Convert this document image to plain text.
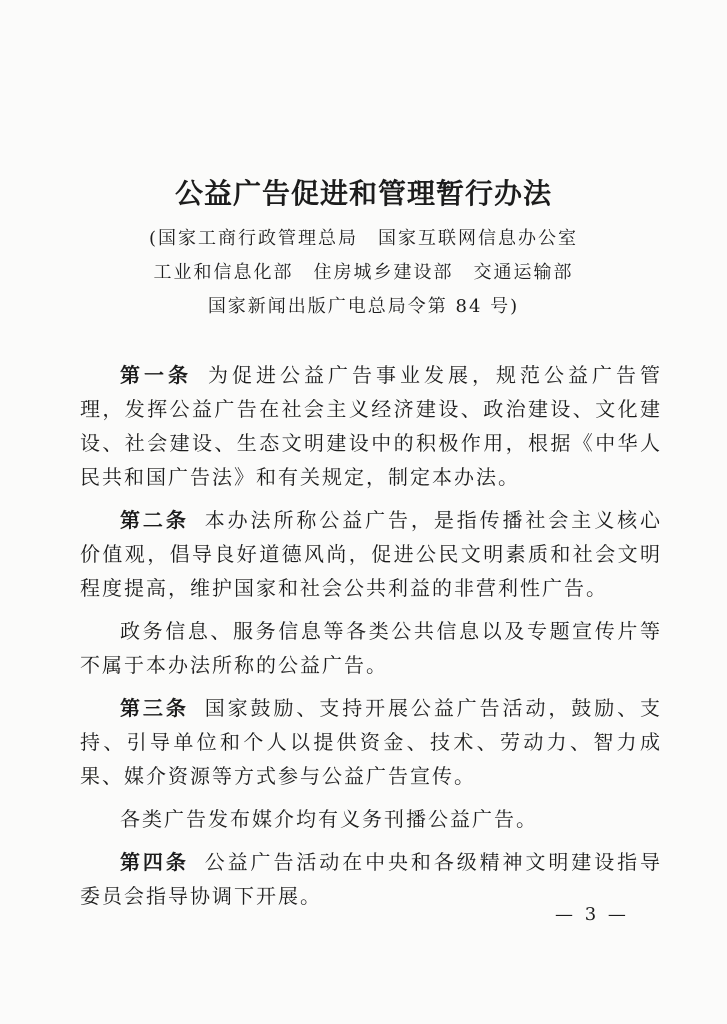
公益广告促进和管理暂行办法
(国家工商行政管理总局　国家互联网信息办公室
工业和信息化部　住房城乡建设部　交通运输部
国家新闻出版广电总局令第 84 号)

第一条 为促进公益广告事业发展，规范公益广告管理，发挥公益广告在社会主义经济建设、政治建设、文化建设、社会建设、生态文明建设中的积极作用，根据《中华人民共和国广告法》和有关规定，制定本办法。

第二条 本办法所称公益广告，是指传播社会主义核心价值观，倡导良好道德风尚，促进公民文明素质和社会文明程度提高，维护国家和社会公共利益的非营利性广告。

政务信息、服务信息等各类公共信息以及专题宣传片等不属于本办法所称的公益广告。

第三条 国家鼓励、支持开展公益广告活动，鼓励、支持、引导单位和个人以提供资金、技术、劳动力、智力成果、媒介资源等方式参与公益广告宣传。

各类广告发布媒介均有义务刊播公益广告。

第四条 公益广告活动在中央和各级精神文明建设指导委员会指导协调下开展。

— 3 —
